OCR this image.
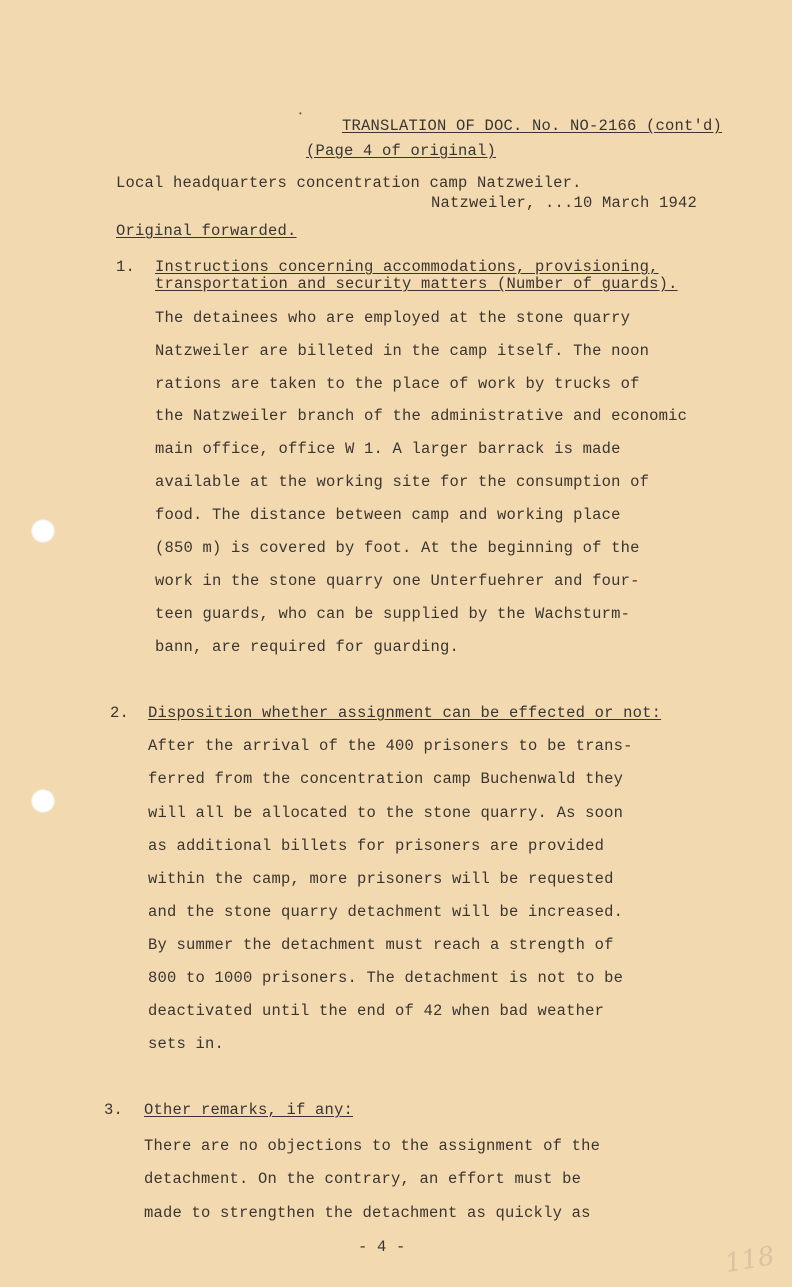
•
TRANSLATION OF DOC. No. NO-2166 (cont'd)
(Page 4 of original)
Local headquarters concentration camp Natzweiler.
Natzweiler, ...10 March 1942
Original forwarded.
1. Instructions concerning accommodations, provisioning,
transportation and security matters (Number of guards).
The detainees who are employed at the stone quarry
Natzweiler are billeted in the camp itself. The noon
rations are taken to the place of work by trucks of
the Natzweiler branch of the administrative and economic
main office, office W 1. A larger barrack is made
available at the working site for the consumption of
food. The distance between camp and working place
(850 m) is covered by foot. At the beginning of the
work in the stone quarry one Unterfuehrer and four-
teen guards, who can be supplied by the Wachsturm-
bann, are required for guarding.
2. Disposition whether assignment can be effected or not:
After the arrival of the 400 prisoners to be trans-
ferred from the concentration camp Buchenwald they
will all be allocated to the stone quarry. As soon
as additional billets for prisoners are provided
within the camp, more prisoners will be requested
and the stone quarry detachment will be increased.
By summer the detachment must reach a strength of
800 to 1000 prisoners. The detachment is not to be
deactivated until the end of 42 when bad weather
sets in.
3. Other remarks, if any:
There are no objections to the assignment of the
detachment. On the contrary, an effort must be
made to strengthen the detachment as quickly as
- 4 -	118
